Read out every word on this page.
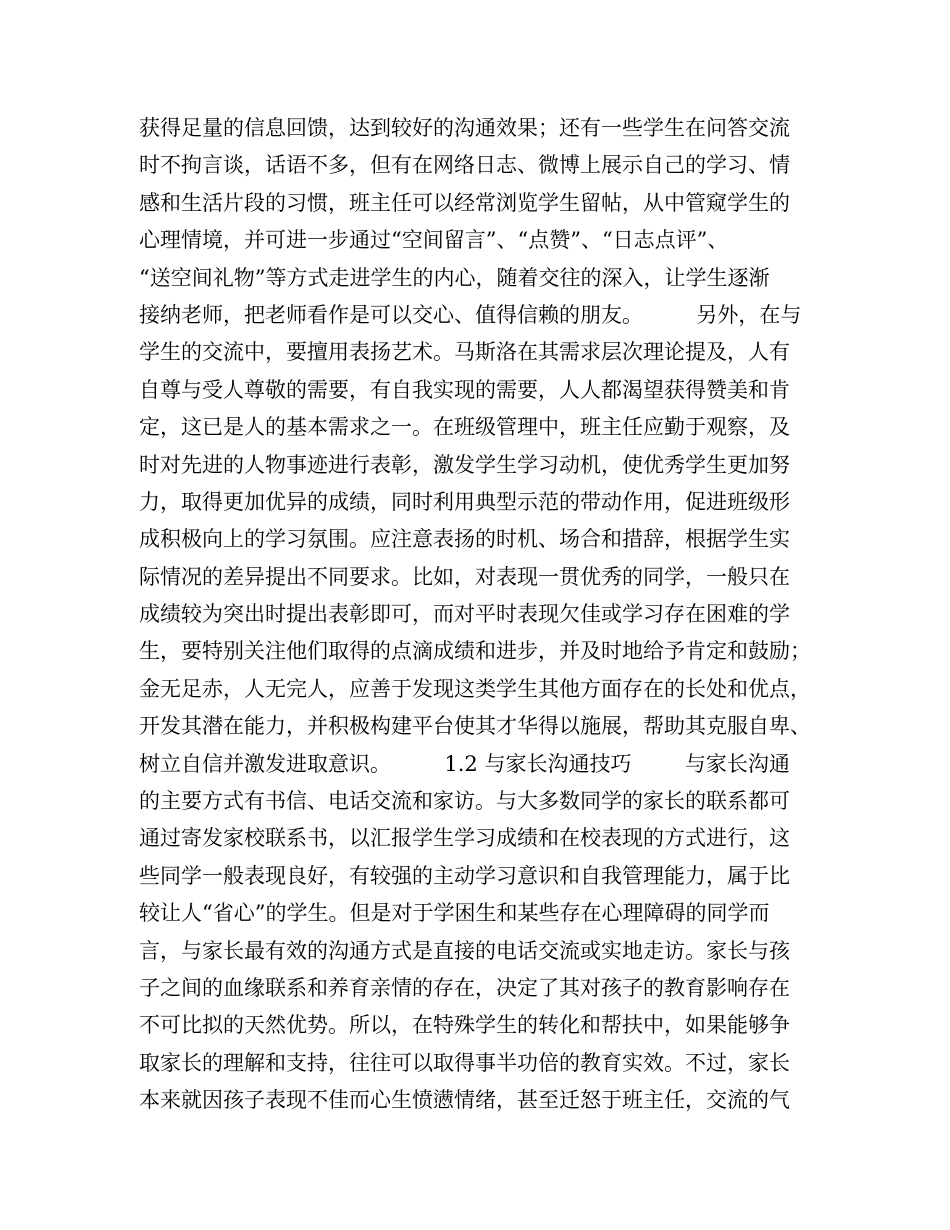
获得足量的信息回馈，达到较好的沟通效果；还有一些学生在问答交流
时不拘言谈，话语不多，但有在网络日志、微博上展示自己的学习、情
感和生活片段的习惯，班主任可以经常浏览学生留帖，从中管窥学生的
心理情境，并可进一步通过“空间留言”、“点赞”、“日志点评”、
“送空间礼物”等方式走进学生的内心，随着交往的深入，让学生逐渐
接纳老师，把老师看作是可以交心、值得信赖的朋友。        另外，在与
学生的交流中，要擅用表扬艺术。马斯洛在其需求层次理论提及，人有
自尊与受人尊敬的需要，有自我实现的需要，人人都渴望获得赞美和肯
定，这已是人的基本需求之一。在班级管理中，班主任应勤于观察，及
时对先进的人物事迹进行表彰，激发学生学习动机，使优秀学生更加努
力，取得更加优异的成绩，同时利用典型示范的带动作用，促进班级形
成积极向上的学习氛围。应注意表扬的时机、场合和措辞，根据学生实
际情况的差异提出不同要求。比如，对表现一贯优秀的同学，一般只在
成绩较为突出时提出表彰即可，而对平时表现欠佳或学习存在困难的学
生，要特别关注他们取得的点滴成绩和进步，并及时地给予肯定和鼓励；
金无足赤，人无完人，应善于发现这类学生其他方面存在的长处和优点，
开发其潜在能力，并积极构建平台使其才华得以施展，帮助其克服自卑、
树立自信并激发进取意识。        1.2 与家长沟通技巧        与家长沟通
的主要方式有书信、电话交流和家访。与大多数同学的家长的联系都可
通过寄发家校联系书，以汇报学生学习成绩和在校表现的方式进行，这
些同学一般表现良好，有较强的主动学习意识和自我管理能力，属于比
较让人“省心”的学生。但是对于学困生和某些存在心理障碍的同学而
言，与家长最有效的沟通方式是直接的电话交流或实地走访。家长与孩
子之间的血缘联系和养育亲情的存在，决定了其对孩子的教育影响存在
不可比拟的天然优势。所以，在特殊学生的转化和帮扶中，如果能够争
取家长的理解和支持，往往可以取得事半功倍的教育实效。不过，家长
本来就因孩子表现不佳而心生愤懑情绪，甚至迁怒于班主任，交流的气
